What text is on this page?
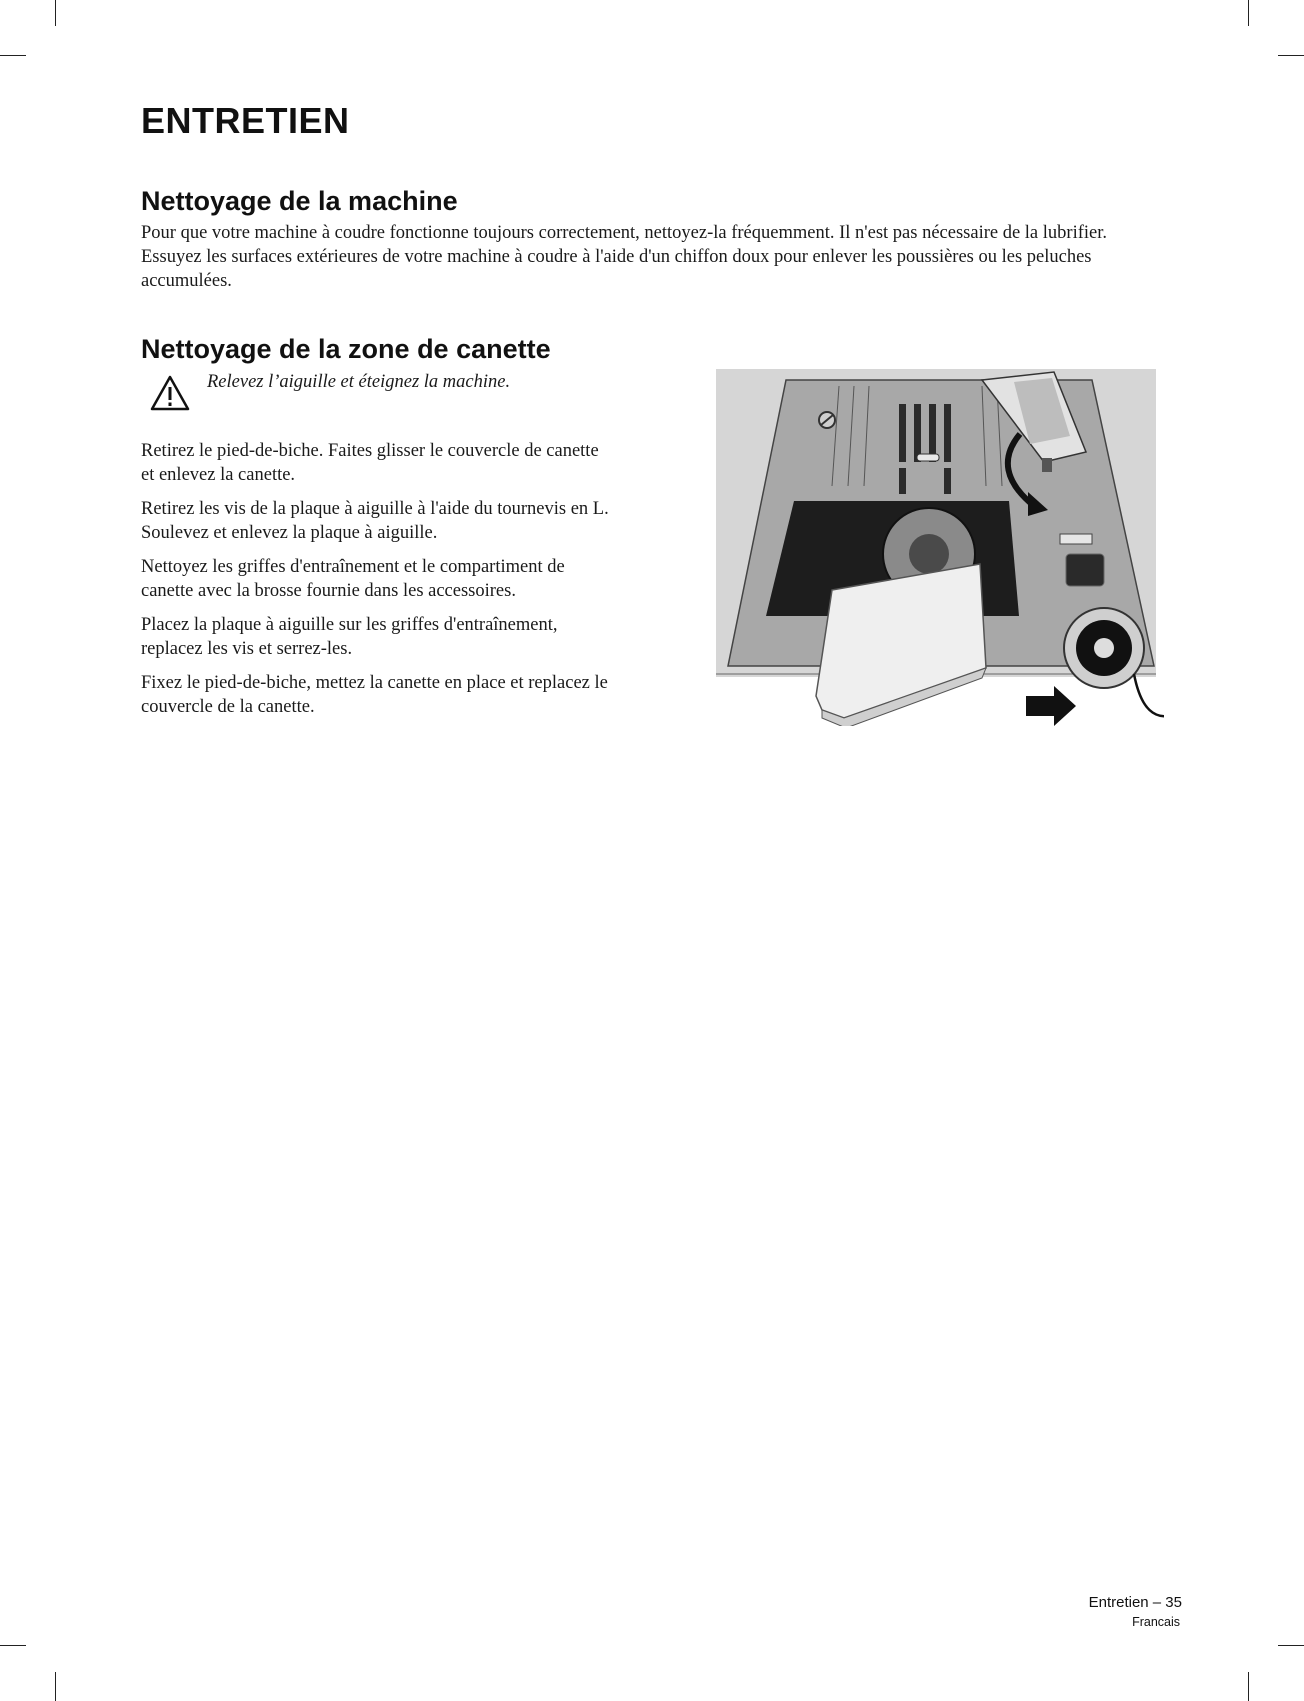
ENTRETIEN
Nettoyage de la machine

Pour que votre machine à coudre fonctionne toujours correctement, nettoyez-la fréquemment. Il n'est pas nécessaire de la lubrifier.

Essuyez les surfaces extérieures de votre machine à coudre à l'aide d'un chiffon doux pour enlever les poussières ou les peluches

accumulées.

Nettoyage de la zone de canette
Relevez l’aiguille et éteignez la machine.

Retirez le pied-de-biche. Faites glisser le couvercle de canette

et enlevez la canette.

Retirez les vis de la plaque à aiguille à l'aide du tournevis en L.

Soulevez et enlevez la plaque à aiguille.

Nettoyez les griffes d'entraînement et le compartiment de

canette avec la brosse fournie dans les accessoires.

Placez la plaque à aiguille sur les griffes d'entraînement,

replacez les vis et serrez-les.

Fixez le pied-de-biche, mettez la canette en place et replacez le

couvercle de la canette.

Entretien – 35
Francais
